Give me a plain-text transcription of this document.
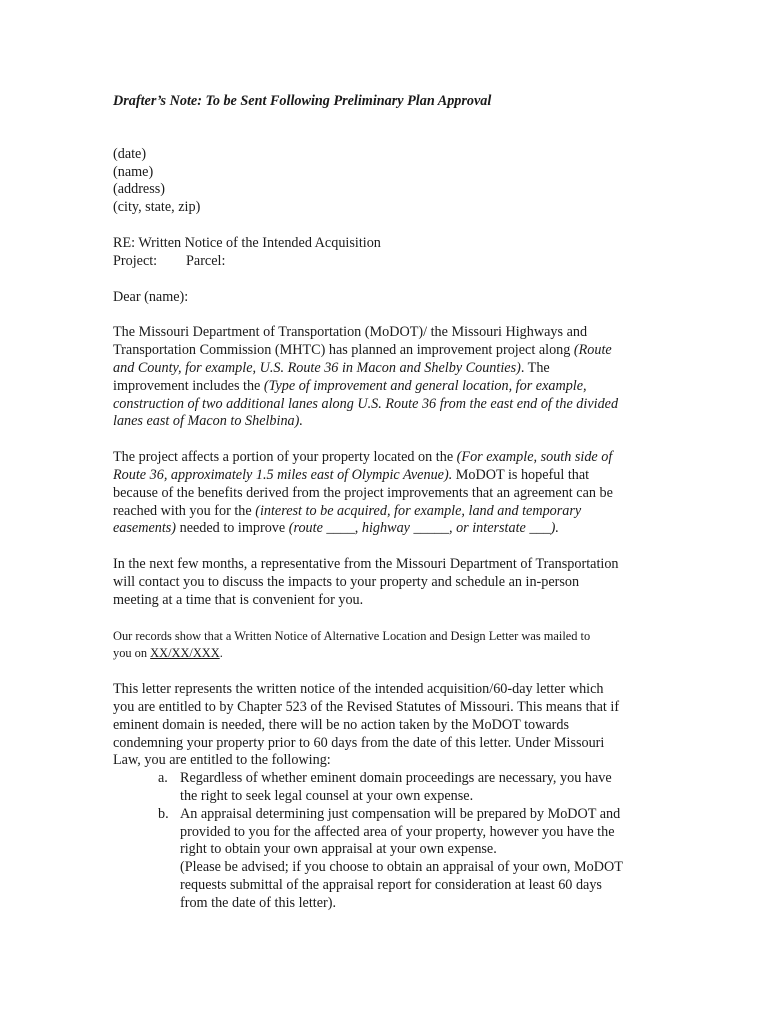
Drafter’s Note: To be Sent Following Preliminary Plan Approval

(date)
(name)
(address)
(city, state, zip)
RE: Written Notice of the Intended Acquisition
Project: Parcel:
Dear (name):
The Missouri Department of Transportation (MoDOT)/ the Missouri Highways and
Transportation Commission (MHTC) has planned an improvement project along (Route
and County, for example, U.S. Route 36 in Macon and Shelby Counties). The
improvement includes the (Type of improvement and general location, for example,
construction of two additional lanes along U.S. Route 36 from the east end of the divided
lanes east of Macon to Shelbina).
The project affects a portion of your property located on the (For example, south side of
Route 36, approximately 1.5 miles east of Olympic Avenue). MoDOT is hopeful that
because of the benefits derived from the project improvements that an agreement can be
reached with you for the (interest to be acquired, for example, land and temporary
easements) needed to improve (route ____, highway _____, or interstate ___).
In the next few months, a representative from the Missouri Department of Transportation
will contact you to discuss the impacts to your property and schedule an in-person
meeting at a time that is convenient for you.
Our records show that a Written Notice of Alternative Location and Design Letter was mailed to
you on XX/XX/XXX.
This letter represents the written notice of the intended acquisition/60-day letter which
you are entitled to by Chapter 523 of the Revised Statutes of Missouri. This means that if
eminent domain is needed, there will be no action taken by the MoDOT towards
condemning your property prior to 60 days from the date of this letter. Under Missouri
Law, you are entitled to the following:
a. Regardless of whether eminent domain proceedings are necessary, you have
the right to seek legal counsel at your own expense.
b. An appraisal determining just compensation will be prepared by MoDOT and
provided to you for the affected area of your property, however you have the
right to obtain your own appraisal at your own expense.
(Please be advised; if you choose to obtain an appraisal of your own, MoDOT
requests submittal of the appraisal report for consideration at least 60 days
from the date of this letter).
